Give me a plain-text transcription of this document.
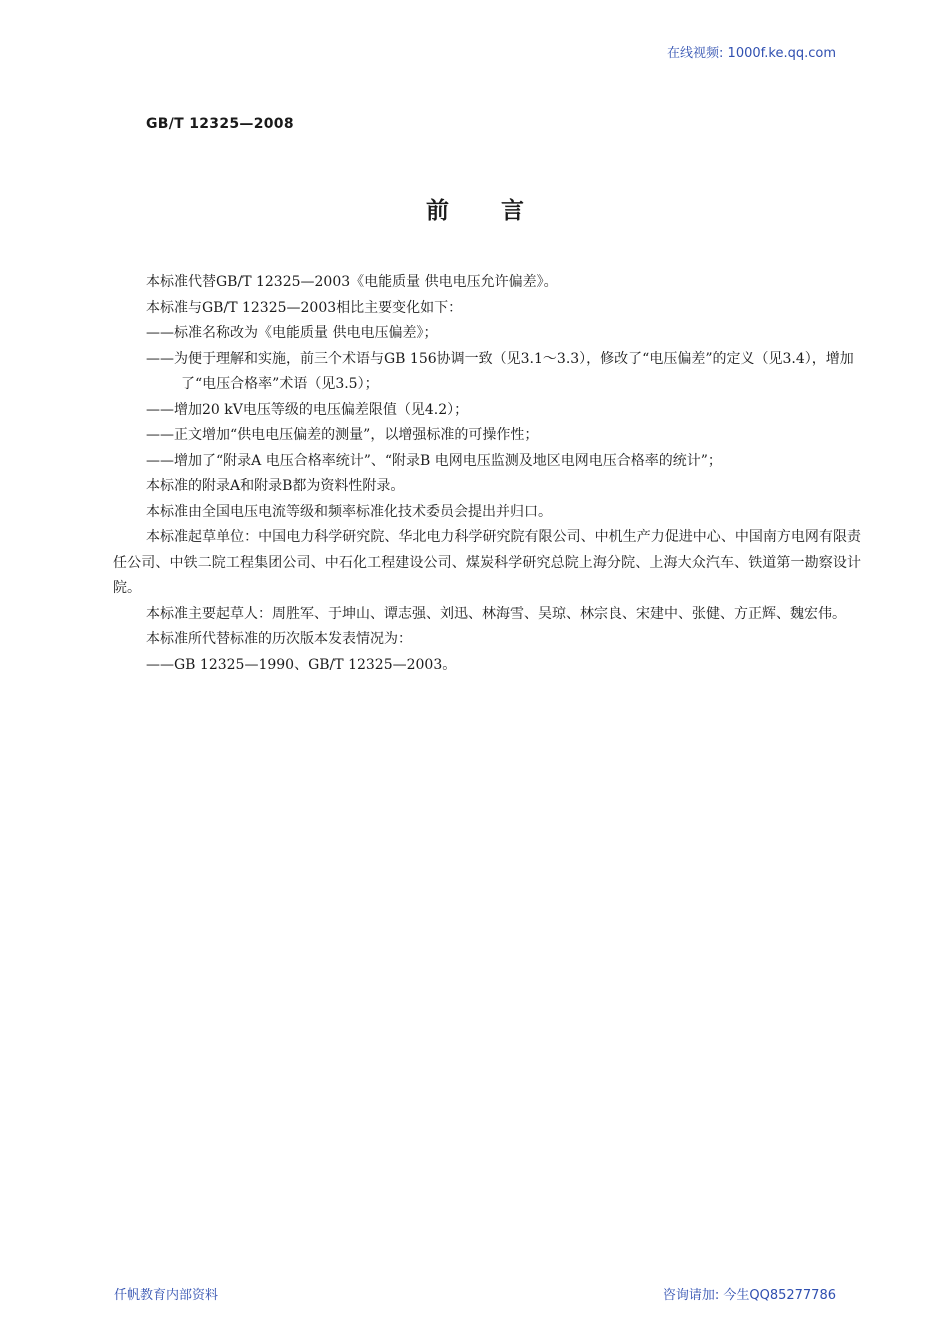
在线视频: 1000f.ke.qq.com
GB/T 12325—2008
前言

本标准代替GB/T 12325—2003《电能质量 供电电压允许偏差》。

本标准与GB/T 12325—2003相比主要变化如下：

——标准名称改为《电能质量 供电电压偏差》；

——为便于理解和实施，前三个术语与GB 156协调一致（见3.1～3.3），修改了“电压偏差”的定义（见3.4），增加了“电压合格率”术语（见3.5）；

——增加20 kV电压等级的电压偏差限值（见4.2）；

——正文增加“供电电压偏差的测量”，以增强标准的可操作性；

——增加了“附录A 电压合格率统计”、“附录B 电网电压监测及地区电网电压合格率的统计”；

本标准的附录A和附录B都为资料性附录。

本标准由全国电压电流等级和频率标准化技术委员会提出并归口。

本标准起草单位：中国电力科学研究院、华北电力科学研究院有限公司、中机生产力促进中心、中国南方电网有限责任公司、中铁二院工程集团公司、中石化工程建设公司、煤炭科学研究总院上海分院、上海大众汽车、铁道第一勘察设计院。

本标准主要起草人：周胜军、于坤山、谭志强、刘迅、林海雪、吴琼、林宗良、宋建中、张健、方正辉、魏宏伟。

本标准所代替标准的历次版本发表情况为：

——GB 12325—1990、GB/T 12325—2003。

仟帆教育内部资料	咨询请加: 今生QQ85277786
